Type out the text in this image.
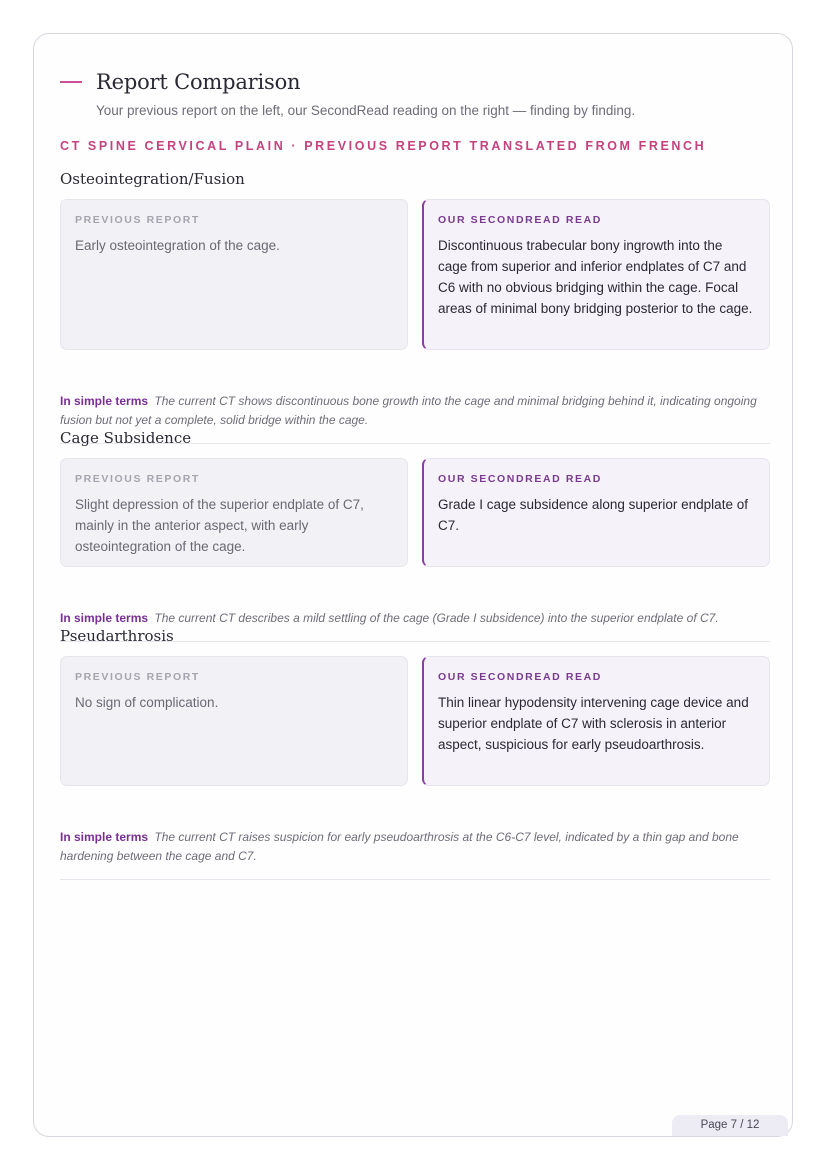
Report Comparison
Your previous report on the left, our SecondRead reading on the right — finding by finding.
CT SPINE CERVICAL PLAIN · PREVIOUS REPORT TRANSLATED FROM FRENCH
Osteointegration/Fusion
PREVIOUS REPORT
Early osteointegration of the cage.
OUR SECONDREAD READ
Discontinuous trabecular bony ingrowth into the cage from superior and inferior endplates of C7 and C6 with no obvious bridging within the cage. Focal areas of minimal bony bridging posterior to the cage.
In simple terms The current CT shows discontinuous bone growth into the cage and minimal bridging behind it, indicating ongoing fusion but not yet a complete, solid bridge within the cage.
Cage Subsidence
PREVIOUS REPORT
Slight depression of the superior endplate of C7, mainly in the anterior aspect, with early osteointegration of the cage.
OUR SECONDREAD READ
Grade I cage subsidence along superior endplate of C7.
In simple terms The current CT describes a mild settling of the cage (Grade I subsidence) into the superior endplate of C7.
Pseudarthrosis
PREVIOUS REPORT
No sign of complication.
OUR SECONDREAD READ
Thin linear hypodensity intervening cage device and superior endplate of C7 with sclerosis in anterior aspect, suspicious for early pseudoarthrosis.
In simple terms The current CT raises suspicion for early pseudoarthrosis at the C6-C7 level, indicated by a thin gap and bone hardening between the cage and C7.
Page 7 / 12
